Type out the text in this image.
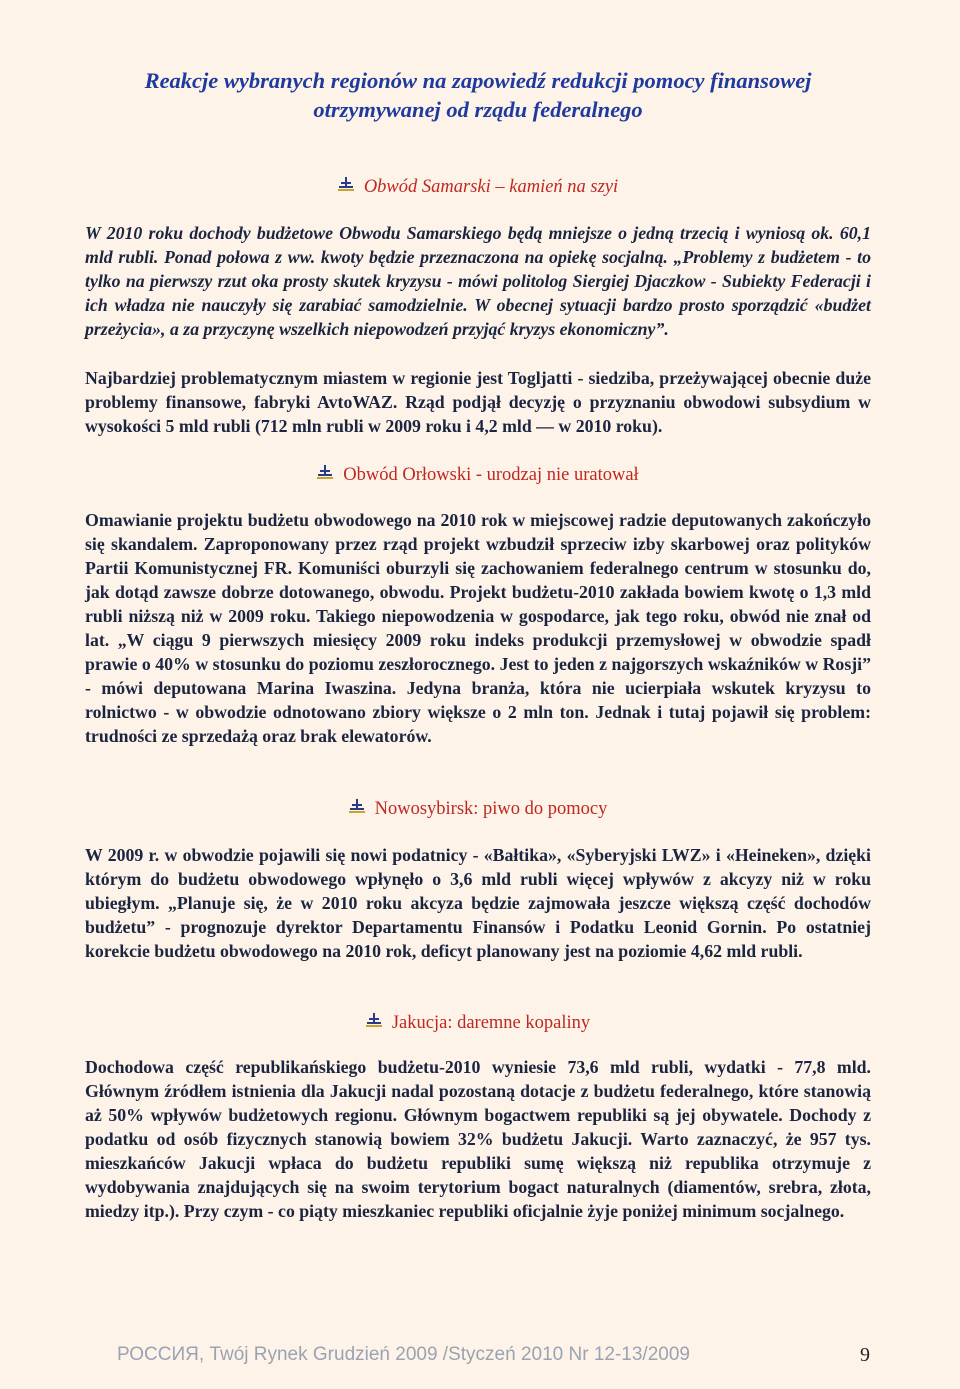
Reakcje wybranych regionów na zapowiedź redukcji pomocy finansowej
otrzymywanej od rządu federalnego
Obwód Samarski – kamień na szyi
W 2010 roku dochody budżetowe Obwodu Samarskiego będą mniejsze o jedną trzecią i wyniosą ok. 60,1 mld rubli. Ponad połowa z ww. kwoty będzie przeznaczona na opiekę socjalną. „Problemy z budżetem - to tylko na pierwszy rzut oka prosty skutek kryzysu - mówi politolog Siergiej Djaczkow - Subiekty Federacji i ich władza nie nauczyły się zarabiać samodzielnie. W obecnej sytuacji bardzo prosto sporządzić «budżet przeżycia», a za przyczynę wszelkich niepowodzeń przyjąć kryzys ekonomiczny”.
Najbardziej problematycznym miastem w regionie jest Togljatti - siedziba, przeżywającej obecnie duże problemy finansowe, fabryki AvtoWAZ. Rząd podjął decyzję o przyznaniu obwodowi subsydium w wysokości 5 mld rubli (712 mln rubli w 2009 roku i 4,2 mld — w 2010 roku).
Obwód Orłowski - urodzaj nie uratował
Omawianie projektu budżetu obwodowego na 2010 rok w miejscowej radzie deputowanych zakończyło się skandalem. Zaproponowany przez rząd projekt wzbudził sprzeciw izby skarbowej oraz polityków Partii Komunistycznej FR. Komuniści oburzyli się zachowaniem federalnego centrum w stosunku do, jak dotąd zawsze dobrze dotowanego, obwodu. Projekt budżetu-2010 zakłada bowiem kwotę o 1,3 mld rubli niższą niż w 2009 roku. Takiego niepowodzenia w gospodarce, jak tego roku, obwód nie znał od lat. „W ciągu 9 pierwszych miesięcy 2009 roku indeks produkcji przemysłowej w obwodzie spadł prawie o 40% w stosunku do poziomu zeszłorocznego. Jest to jeden z najgorszych wskaźników w Rosji” - mówi deputowana Marina Iwaszina. Jedyna branża, która nie ucierpiała wskutek kryzysu to rolnictwo - w obwodzie odnotowano zbiory większe o 2 mln ton. Jednak i tutaj pojawił się problem: trudności ze sprzedażą oraz brak elewatorów.
Nowosybirsk: piwo do pomocy
W 2009 r. w obwodzie pojawili się nowi podatnicy - «Bałtika», «Syberyjski LWZ» i «Heineken», dzięki którym do budżetu obwodowego wpłynęło o 3,6 mld rubli więcej wpływów z akcyzy niż w roku ubiegłym. „Planuje się, że w 2010 roku akcyza będzie zajmowała jeszcze większą część dochodów budżetu” - prognozuje dyrektor Departamentu Finansów i Podatku Leonid Gornin. Po ostatniej korekcie budżetu obwodowego na 2010 rok, deficyt planowany jest na poziomie 4,62 mld rubli.
Jakucja: daremne kopaliny
Dochodowa część republikańskiego budżetu-2010 wyniesie 73,6 mld rubli, wydatki - 77,8 mld. Głównym źródłem istnienia dla Jakucji nadal pozostaną dotacje z budżetu federalnego, które stanowią aż 50% wpływów budżetowych regionu. Głównym bogactwem republiki są jej obywatele. Dochody z podatku od osób fizycznych stanowią bowiem 32% budżetu Jakucji. Warto zaznaczyć, że 957 tys. mieszkańców Jakucji wpłaca do budżetu republiki sumę większą niż republika otrzymuje z wydobywania znajdujących się na swoim terytorium bogact naturalnych (diamentów, srebra, złota, miedzy itp.). Przy czym - co piąty mieszkaniec republiki oficjalnie żyje poniżej minimum socjalnego.
РОССИЯ, Twój Rynek Grudzień 2009 /Styczeń 2010 Nr 12-13/2009	9
